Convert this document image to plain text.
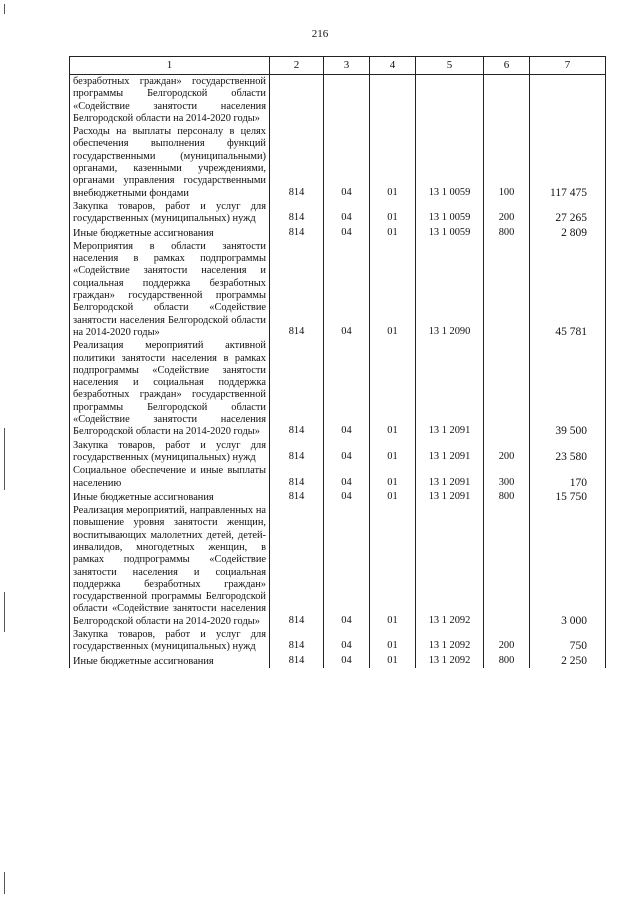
216
1	2	3	4	5	6	7
безработных граждан» государственной программы Белгородской области «Содействие занятости населения Белгородской области на 2014-2020 годы»						
Расходы на выплаты персоналу в целях обеспечения выполнения функций государственными (муниципальными) органами, казенными учреждениями, органами управления государственными внебюджетными фондами	814	04	01	13 1 0059	100	117 475
Закупка товаров, работ и услуг для государственных (муниципальных) нужд	814	04	01	13 1 0059	200	27 265
Иные бюджетные ассигнования	814	04	01	13 1 0059	800	2 809
Мероприятия в области занятости населения в рамках подпрограммы «Содействие занятости населения и социальная поддержка безработных граждан» государственной программы Белгородской области «Содействие занятости населения Белгородской области на 2014-2020 годы»	814	04	01	13 1 2090		45 781
Реализация мероприятий активной политики занятости населения в рамках подпрограммы «Содействие занятости населения и социальная поддержка безработных граждан» государственной программы Белгородской области «Содействие занятости населения Белгородской области на 2014-2020 годы»	814	04	01	13 1 2091		39 500
Закупка товаров, работ и услуг для государственных (муниципальных) нужд	814	04	01	13 1 2091	200	23 580
Социальное обеспечение и иные выплаты населению	814	04	01	13 1 2091	300	170
Иные бюджетные ассигнования	814	04	01	13 1 2091	800	15 750
Реализация мероприятий, направленных на повышение уровня занятости женщин, воспитывающих малолетних детей, детей-инвалидов, многодетных женщин, в рамках подпрограммы «Содействие занятости населения и социальная поддержка безработных граждан» государственной программы Белгородской области «Содействие занятости населения Белгородской области на 2014-2020 годы»	814	04	01	13 1 2092		3 000
Закупка товаров, работ и услуг для государственных (муниципальных) нужд	814	04	01	13 1 2092	200	750
Иные бюджетные ассигнования	814	04	01	13 1 2092	800	2 250
